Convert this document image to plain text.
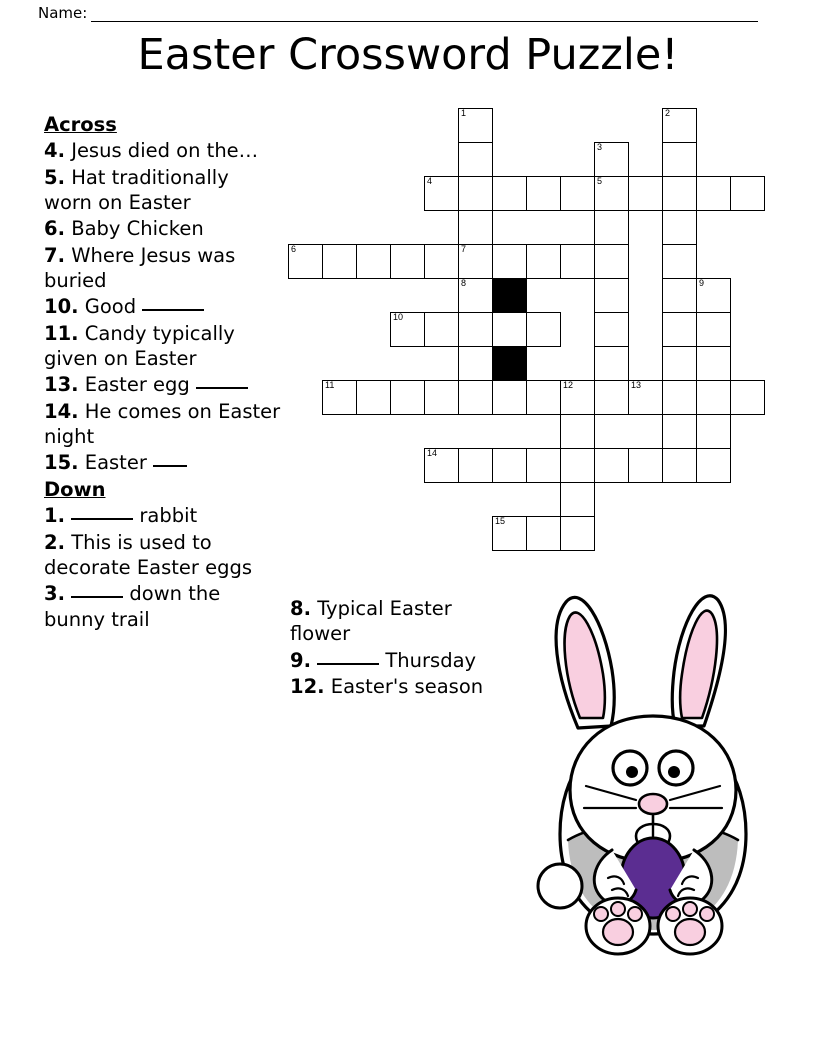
Name:
Easter Crossword Puzzle!
Across
4. Jesus died on the…
5. Hat traditionally worn on Easter
6. Baby Chicken
7. Where Jesus was buried
10. Good
11. Candy typically given on Easter
13. Easter egg
14. He comes on Easter night
15. Easter
Down
1.	rabbit
2. This is used to decorate Easter eggs
3.	down the bunny trail	8. Typical Easter flower
9.	Thursday
12. Easter's season
1	2
3
4	5
6	7
8	9
10
11	12	13
14
15
